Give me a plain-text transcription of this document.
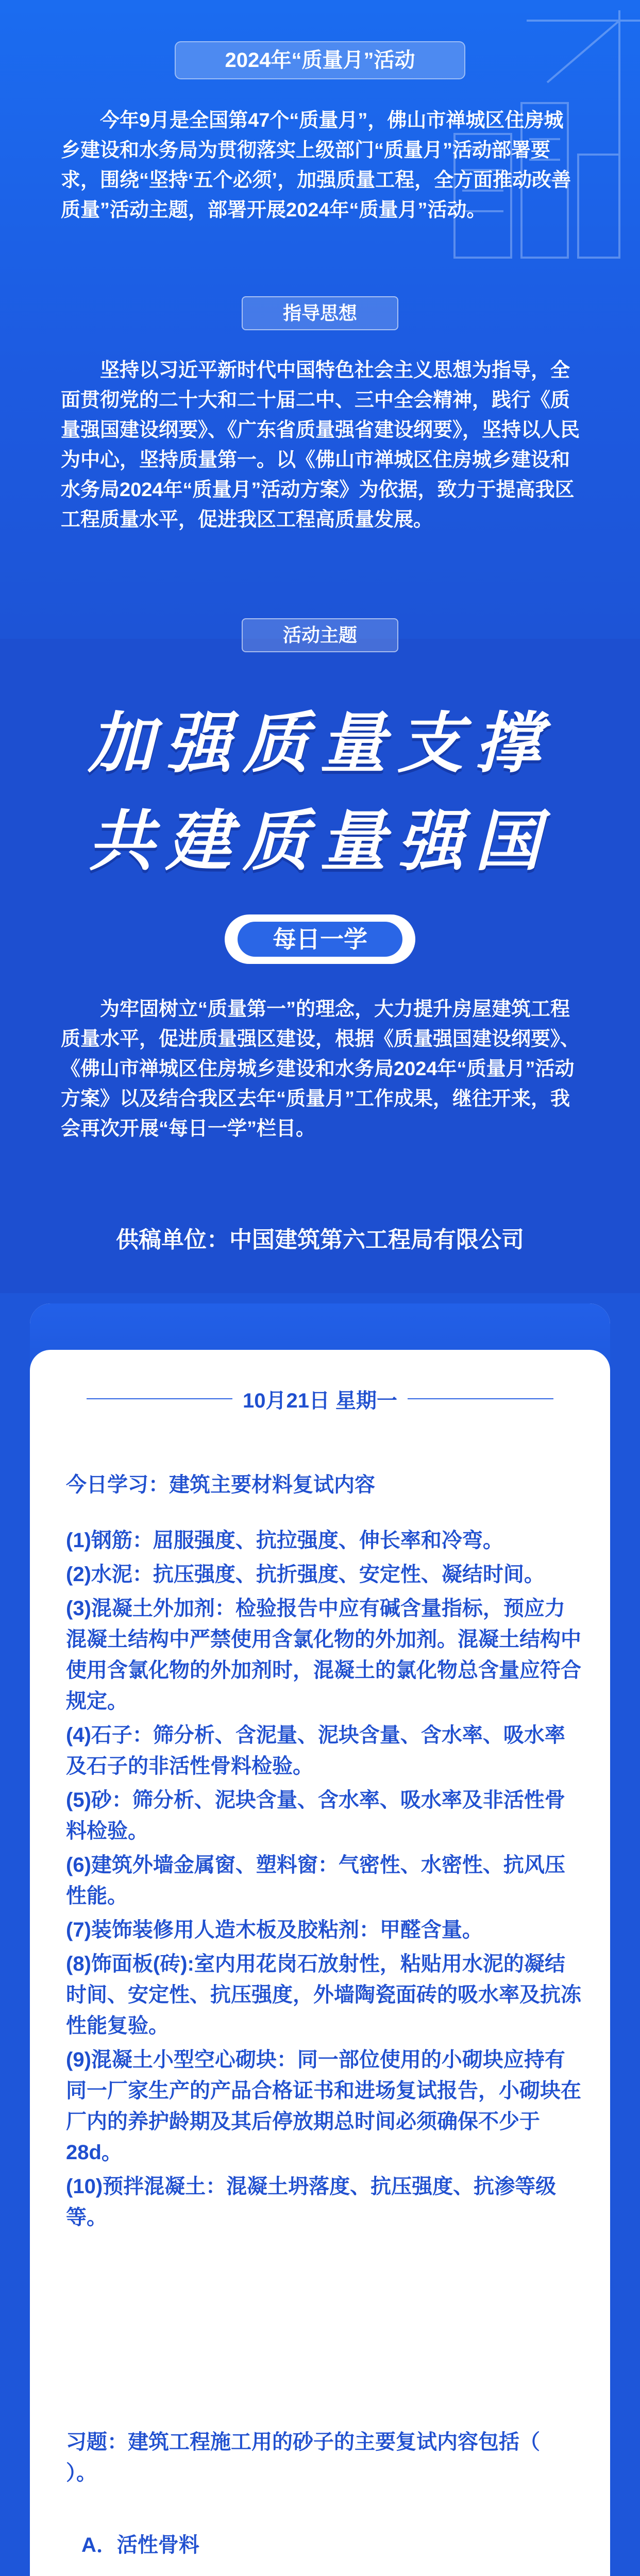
2024年“质量月”活动

今年9月是全国第47个“质量月”，佛山市禅城区住房城乡建设和水务局为贯彻落实上级部门“质量月”活动部署要求，围绕“坚持‘五个必须’，加强质量工程，全方面推动改善质量”活动主题，部署开展2024年“质量月”活动。

指导思想

坚持以习近平新时代中国特色社会主义思想为指导，全面贯彻党的二十大和二十届二中、三中全会精神，践行《质量强国建设纲要》、《广东省质量强省建设纲要》，坚持以人民为中心，坚持质量第一。以《佛山市禅城区住房城乡建设和水务局2024年“质量月”活动方案》为依据，致力于提高我区工程质量水平，促进我区工程高质量发展。

活动主题
加强质量支撑
共建质量强国
每日一学

为牢固树立“质量第一”的理念，大力提升房屋建筑工程质量水平，促进质量强区建设，根据《质量强国建设纲要》、《佛山市禅城区住房城乡建设和水务局2024年“质量月”活动方案》以及结合我区去年“质量月”工作成果，继往开来，我会再次开展“每日一学”栏目。

供稿单位：中国建筑第六工程局有限公司
10月21日 星期一
今日学习：建筑主要材料复试内容
(1)钢筋：屈服强度、抗拉强度、伸长率和冷弯。
(2)水泥：抗压强度、抗折强度、安定性、凝结时间。
(3)混凝土外加剂：检验报告中应有碱含量指标，预应力混凝土结构中严禁使用含氯化物的外加剂。混凝土结构中使用含氯化物的外加剂时，混凝土的氯化物总含量应符合规定。
(4)石子：筛分析、含泥量、泥块含量、含水率、吸水率及石子的非活性骨料检验。
(5)砂：筛分析、泥块含量、含水率、吸水率及非活性骨料检验。
(6)建筑外墙金属窗、塑料窗：气密性、水密性、抗风压性能。
(7)装饰装修用人造木板及胶粘剂：甲醛含量。
(8)饰面板(砖):室内用花岗石放射性，粘贴用水泥的凝结时间、安定性、抗压强度，外墙陶瓷面砖的吸水率及抗冻性能复验。
(9)混凝土小型空心砌块：同一部位使用的小砌块应持有同一厂家生产的产品合格证书和进场复试报告，小砌块在厂内的养护龄期及其后停放期总时间必须确保不少于28d。
(10)预拌混凝土：混凝土坍落度、抗压强度、抗渗等级等。
习题：建筑工程施工用的砂子的主要复试内容包括（ ）。
A．活性骨料
